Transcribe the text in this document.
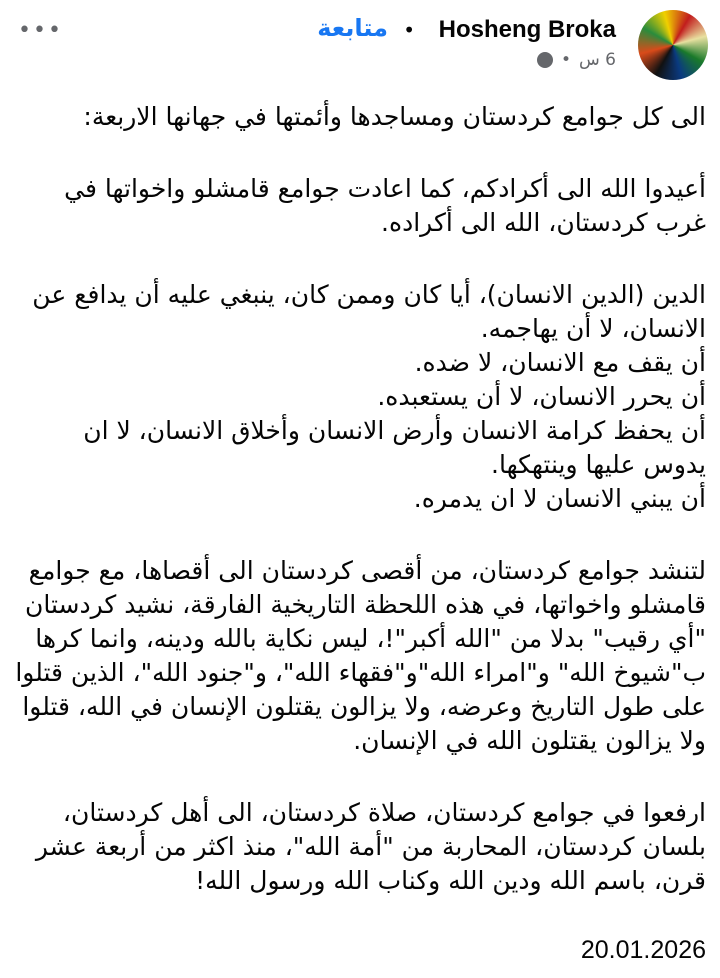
Hosheng Broka
•
متابعة
6 س
•
•••
الى كل جوامع كردستان ومساجدها وأئمتها في جهانها الاربعة:
أعيدوا الله الى أكرادكم، كما اعادت جوامع قامشلو واخواتها في
غرب كردستان، الله الى أكراده.
الدين (الدين الانسان)، أيا كان وممن كان، ينبغي عليه أن يدافع عن
الانسان، لا أن يهاجمه.
أن يقف مع الانسان، لا ضده.
أن يحرر الانسان، لا أن يستعبده.
أن يحفظ كرامة الانسان وأرض الانسان وأخلاق الانسان، لا ان
يدوس عليها وينتهكها.
أن يبني الانسان لا ان يدمره.
لتنشد جوامع كردستان، من أقصى كردستان الى أقصاها، مع جوامع
قامشلو واخواتها، في هذه اللحظة التاريخية الفارقة، نشيد كردستان
"أي رقيب" بدلا من "الله أكبر"!، ليس نكاية بالله ودينه، وانما كرها
ب"شيوخ الله" و"امراء الله"و"فقهاء الله"، و"جنود الله"، الذين قتلوا
على طول التاريخ وعرضه، ولا يزالون يقتلون الإنسان في الله، قتلوا
ولا يزالون يقتلون الله في الإنسان.
ارفعوا في جوامع كردستان، صلاة كردستان، الى أهل كردستان،
بلسان كردستان، المحاربة من "أمة الله"، منذ اكثر من أربعة عشر
قرن، باسم الله ودين الله وكناب الله ورسول الله!
20.01.2026
